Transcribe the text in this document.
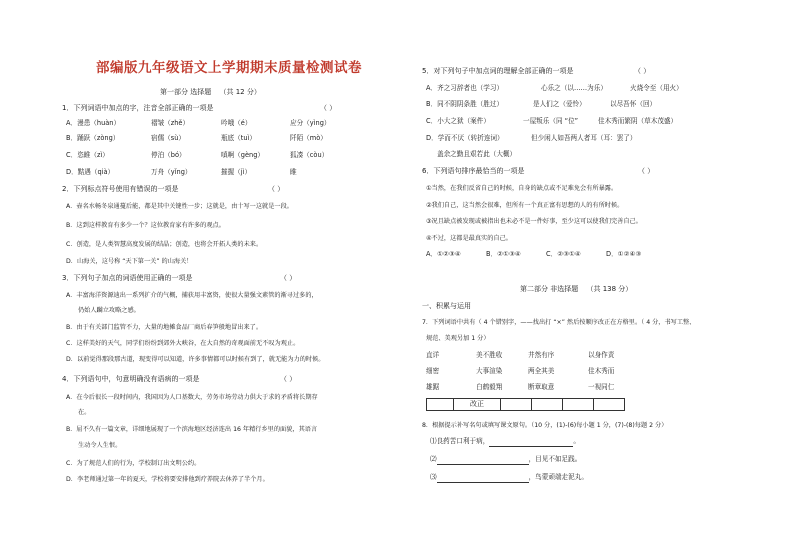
部编版九年级语文上学期期末质量检测试卷
第一部分 选择题 （共 12 分）
1．下列词语中加点的字，注音全部正确的一项是	（ ）
A．漫患（huàn）	褶皱（zhě）	吟哦（é）	应分（yìng）
B．踊跃（zòng）	宿儒（sù）	瓶底（tuì）	阡陌（mò）
C．恣睢（zì）	停泊（bó）	嗔啊（gèng）	狐凑（còu）
D．黠遇（qià）	万舟（yǐng）	摧握（jì）	睢
2．下列标点符号使用有错误的一项是	（ ）
A．壶名水畅冬泉通蔓后能，都是其中关键性一步；这就是，由十写一这就是一段。
B．这到这样教育有多少一个？这位教育家有许多的观点。
C．创造，是人类智慧高度发展的结晶；创造，也将会开拓人类的未来。
D．山海关，这号称 “天下第一关” 的山海关！
3．下列句子加点的词语使用正确的一项是	（ ）
A．丰富海洋资源迪出一系列扩介的气概，捕获用丰富资，使很大量强文素管的渐寻过多的，
仍始人躏立攻略之感。
B．由于有关部门监管不力，大量的地摊食品厂商后春笋般地冒出来了。
C．这样美好的天气，同学们纷纷到郊外大峡谷，在大自然的奇观面前无不叹为观止。
D．以前觉得那段那古道，现变得可以知道，许多事情都可以时候有到了，就无能为力的时候。
4．下列语句中，句意明确没有语病的一项是	（ ）
A．在今后很长一段时间内，我国因为人口基数大，劳务市场劳动力供大于求的矛盾将长期存
在。
B．屈不久有一篇文章，详细地展现了一个滨海地区经济连出 16 年精行乡里的面貌，其语言
生动令人生恨。
C．为了规范人们的行为，学校制订出文明公约。
D．李老师通过第一年的夏天，学校将要安排他到疗养院去休养了半个月。
5．对下列句子中加点词的理解全部正确的一项是	（ ）
A．齐之习辞者也（学习）	心乐之（以……为乐）	火烧令至（用火）
B．同不阴阴条胜（胜过）	是人们之（爱怜）	以尽吾怀（回）
C．小大之狱（案件）	一屋叛乐（同 “位”	佳木秀而繁阴（草木茂盛）
D．学而不厌（转折连词）	但少闲人如吾两人者耳（耳：罢了）
盖余之勤且艰若此（大概）
6．下列语句排序最恰当的一项是	（ ）
①当然，在我们反省自己的时候，自身的缺点或不足难免会有所暴露。
②我们自己，这当然会很难，但所有一个真正富有思想的人的有所时候。
③况且缺点被发现或被指出也未必不是一件好事，至少这可以使我们完善自己。
④不过，这都是最真实的自己。
A．①②③④	B．②①③④	C．②③①④	D．①②④③
第二部分 非选择题 （共 138 分）
一、积累与运用
7．下列词语中共有（ 4 个错别字，——找出打 “×” 然后按顺序改正在方格里。（ 4 分，书写工整、
规范、美观另加 1 分）
直详	美不胜收	井然有序	以身作责
细密	大事渲染	两全其美	佳木秀而
雄踞	白鹤毅翔	断章取意	一视同仁
	改正				
8．根据提示补写名句或填写课文原句。（10 分，(1)-(6)每小题 1 分，(7)-(8)每题 2 分）
⑴良药苦口利于病，	。
⑵	，目见不如足践。
⑶	，鸟蒙顽端走泥丸。
